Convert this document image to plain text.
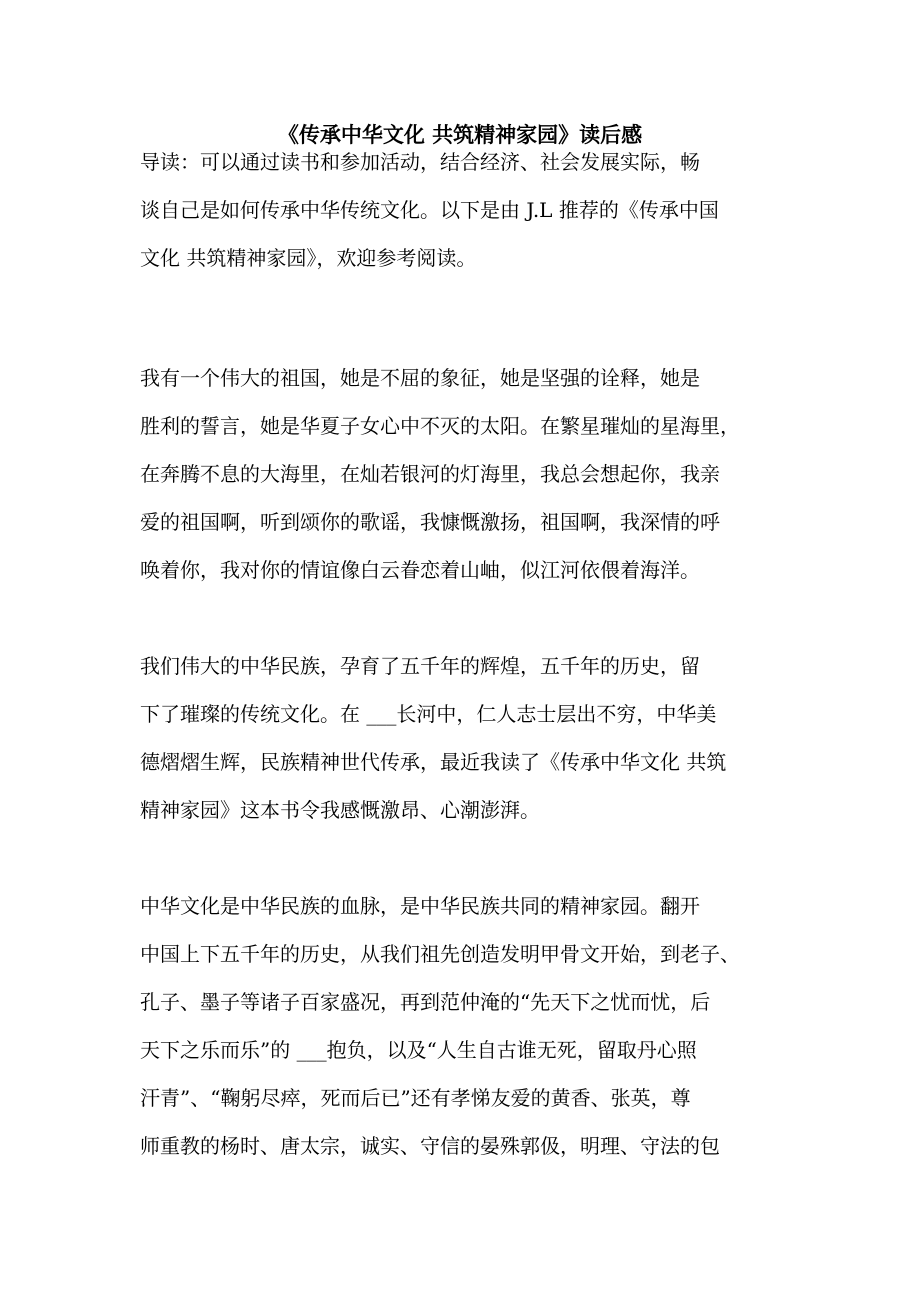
《传承中华文化 共筑精神家园》读后感

导读：可以通过读书和参加活动，结合经济、社会发展实际，畅
谈自己是如何传承中华传统文化。以下是由 J.L 推荐的《传承中国
文化 共筑精神家园》，欢迎参考阅读。

我有一个伟大的祖国，她是不屈的象征，她是坚强的诠释，她是
胜利的誓言，她是华夏子女心中不灭的太阳。在繁星璀灿的星海里，
在奔腾不息的大海里，在灿若银河的灯海里，我总会想起你，我亲
爱的祖国啊，听到颂你的歌谣，我慷慨激扬，祖国啊，我深情的呼
唤着你，我对你的情谊像白云眷恋着山岫，似江河依偎着海洋。

我们伟大的中华民族，孕育了五千年的辉煌，五千年的历史，留
下了璀璨的传统文化。在 ___长河中，仁人志士层出不穷，中华美
德熠熠生辉，民族精神世代传承，最近我读了《传承中华文化 共筑
精神家园》这本书令我感慨激昂、心潮澎湃。

中华文化是中华民族的血脉，是中华民族共同的精神家园。翻开
中国上下五千年的历史，从我们祖先创造发明甲骨文开始，到老子、
孔子、墨子等诸子百家盛况，再到范仲淹的“先天下之忧而忧，后
天下之乐而乐”的 ___抱负，以及“人生自古谁无死，留取丹心照
汗青”、“鞠躬尽瘁，死而后已”还有孝悌友爱的黄香、张英，尊
师重教的杨时、唐太宗，诚实、守信的晏殊郭伋，明理、守法的包
